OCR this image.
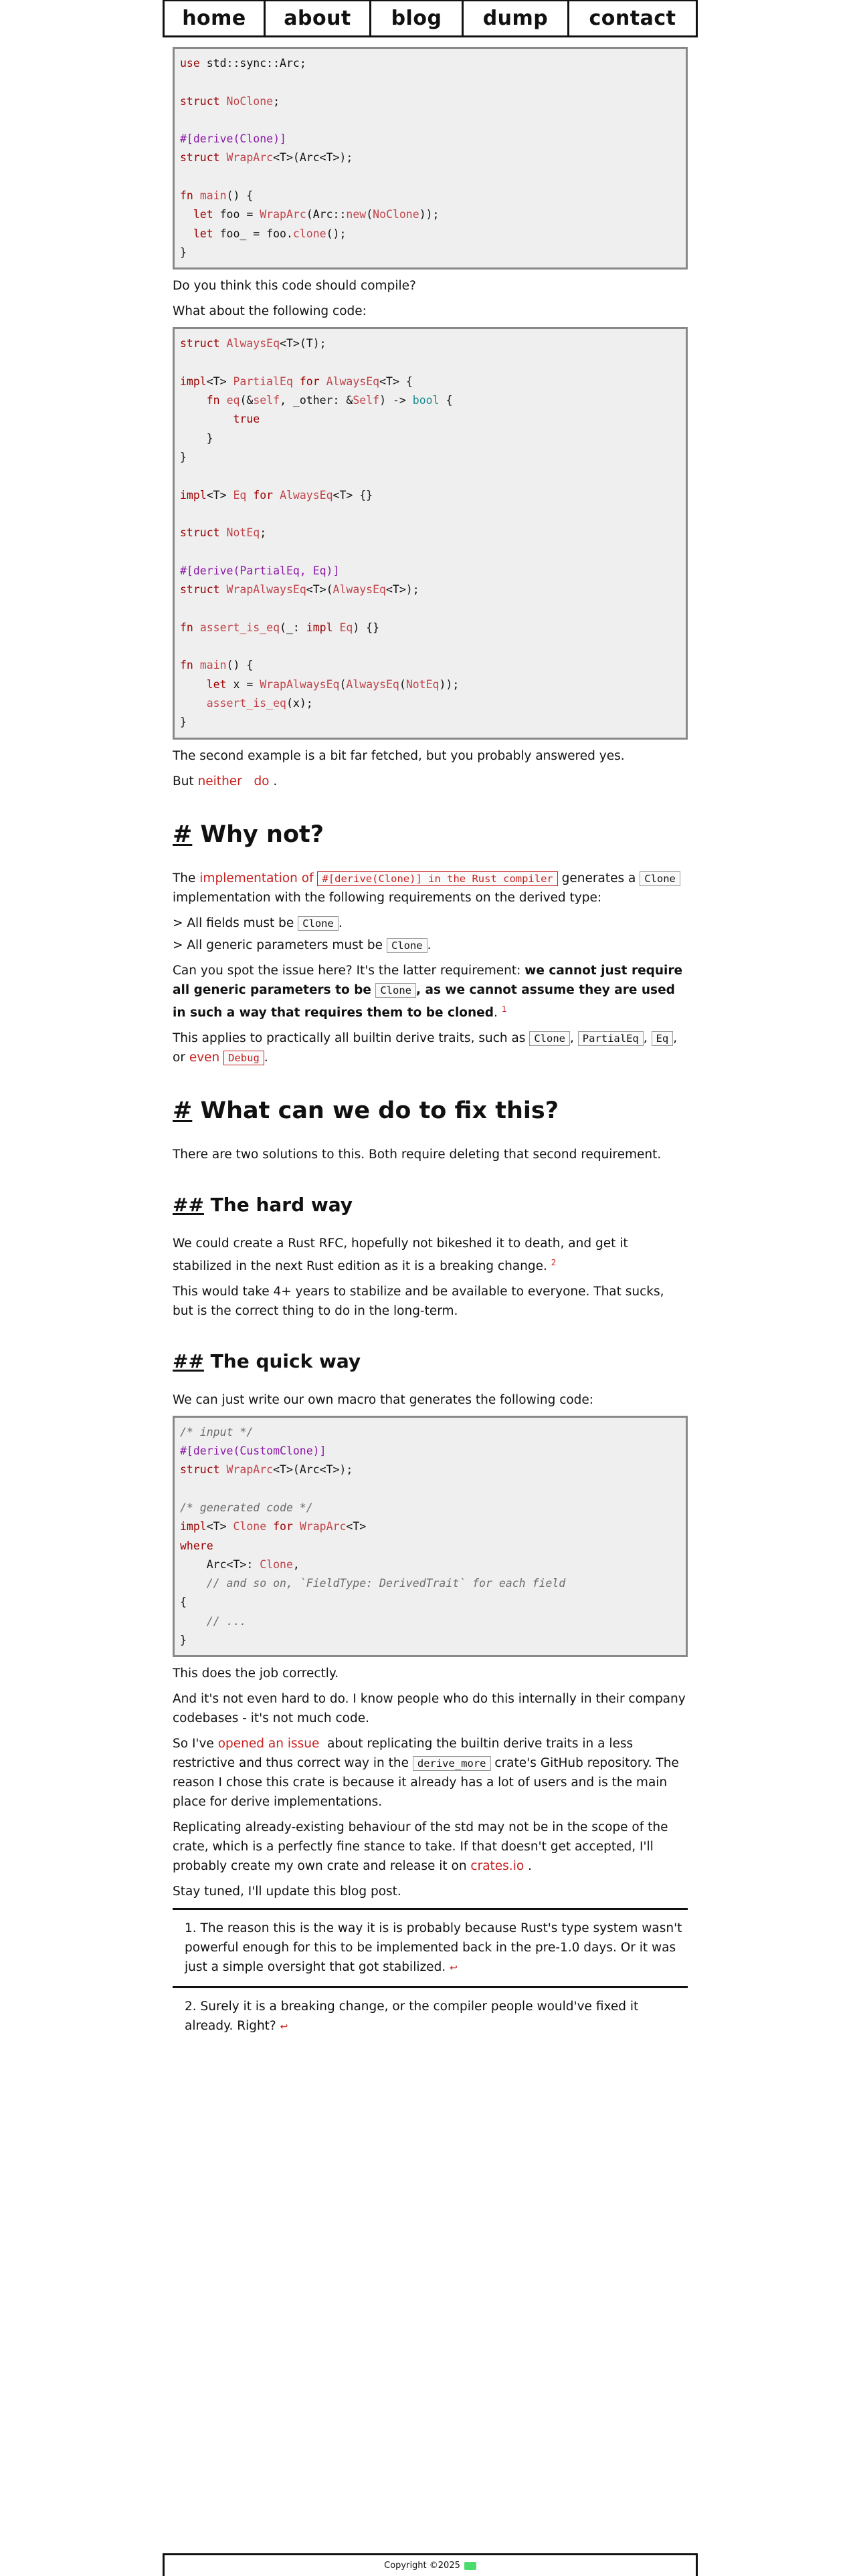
home	about	blog	dump	contact
use std::sync::Arc;

struct NoClone;

#[derive(Clone)]
struct WrapArc<T>(Arc<T>);

fn main() {
let foo = WrapArc(Arc::new(NoClone));
let foo_ = foo.clone();
}

Do you think this code should compile?

What about the following code:

struct AlwaysEq<T>(T);

impl<T> PartialEq for AlwaysEq<T> {
fn eq(&self, _other: &Self) -> bool {
true
}
}

impl<T> Eq for AlwaysEq<T> {}

struct NotEq;

#[derive(PartialEq, Eq)]
struct WrapAlwaysEq<T>(AlwaysEq<T>);

fn assert_is_eq(_: impl Eq) {}

fn main() {
let x = WrapAlwaysEq(AlwaysEq(NotEq));
assert_is_eq(x);
}

The second example is a bit far fetched, but you probably answered yes.

But neither do .

# Why not?

The implementation of #[derive(Clone)] in the Rust compiler generates a Clone implementation with the following requirements on the derived type:

> All fields must be Clone .
> All generic parameters must be Clone .

Can you spot the issue here? It's the latter requirement: we cannot just require all generic parameters to be Clone , as we cannot assume they are used in such a way that requires them to be cloned. $^1$

This applies to practically all builtin derive traits, such as Clone , PartialEq , Eq , or even Debug .

# What can we do to fix this?

There are two solutions to this. Both require deleting that second requirement.

## The hard way

We could create a Rust RFC, hopefully not bikeshed it to death, and get it stabilized in the next Rust edition as it is a breaking change. $^2$

This would take 4+ years to stabilize and be available to everyone. That sucks, but is the correct thing to do in the long-term.

## The quick way

We can just write our own macro that generates the following code:

/* input */
#[derive(CustomClone)]
struct WrapArc<T>(Arc<T>);

/* generated code */
impl<T> Clone for WrapArc<T>
where
Arc<T>: Clone,
// and so on, `FieldType: DerivedTrait` for each field
{
// ...
}

This does the job correctly.

And it's not even hard to do. I know people who do this internally in their company codebases - it's not much code.

So I've opened an issue  about replicating the builtin derive traits in a less restrictive and thus correct way in the derive_more crate's GitHub repository. The reason I chose this crate is because it already has a lot of users and is the main place for derive implementations.

Replicating already-existing behaviour of the std may not be in the scope of the crate, which is a perfectly fine stance to take. If that doesn't get accepted, I'll probably create my own crate and release it on crates.io .

Stay tuned, I'll update this blog post.

1. The reason this is the way it is is probably because Rust's type system wasn't powerful enough for this to be implemented back in the pre-1.0 days. Or it was just a simple oversight that got stabilized. ↩
2. Surely it is a breaking change, or the compiler people would've fixed it already. Right? ↩
Copyright ©2025
